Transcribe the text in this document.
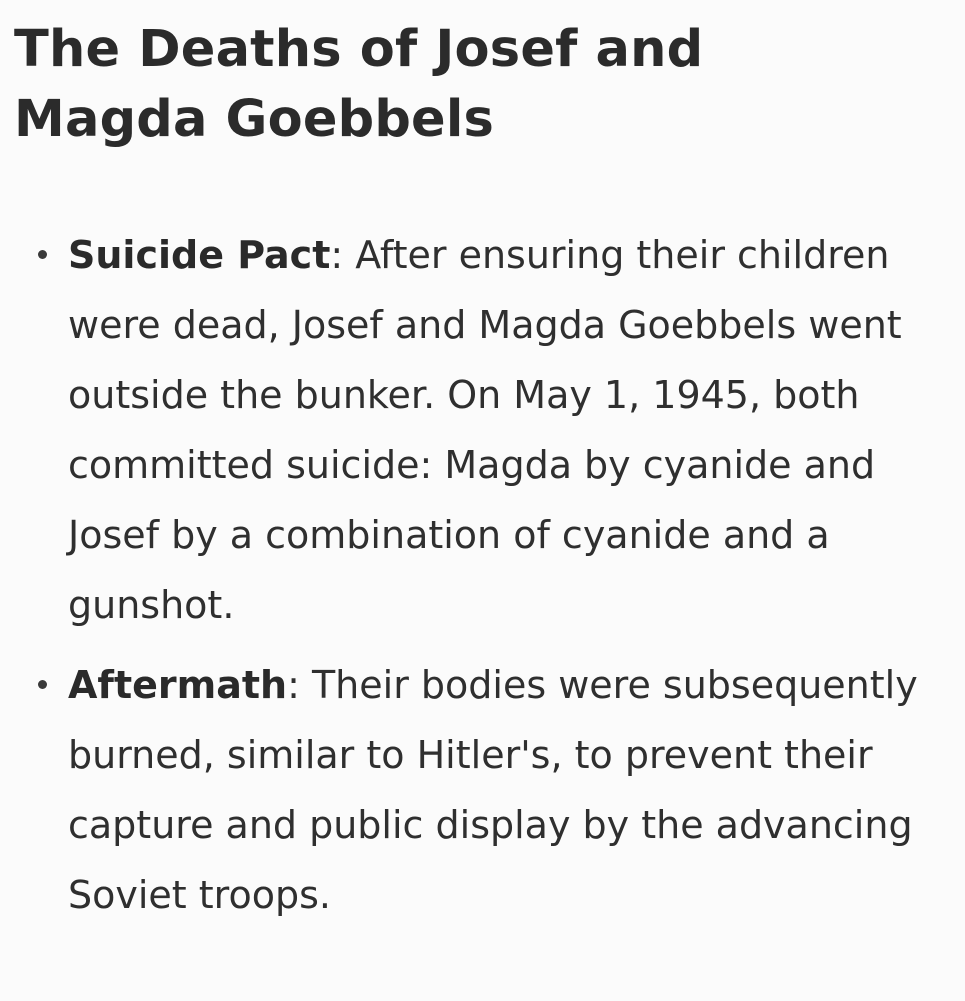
The Deaths of Josef and Magda Goebbels
Suicide Pact: After ensuring their children were dead, Josef and Magda Goebbels went outside the bunker. On May 1, 1945, both committed suicide: Magda by cyanide and Josef by a combination of cyanide and a gunshot.
Aftermath: Their bodies were subsequently burned, similar to Hitler's, to prevent their capture and public display by the advancing Soviet troops.
